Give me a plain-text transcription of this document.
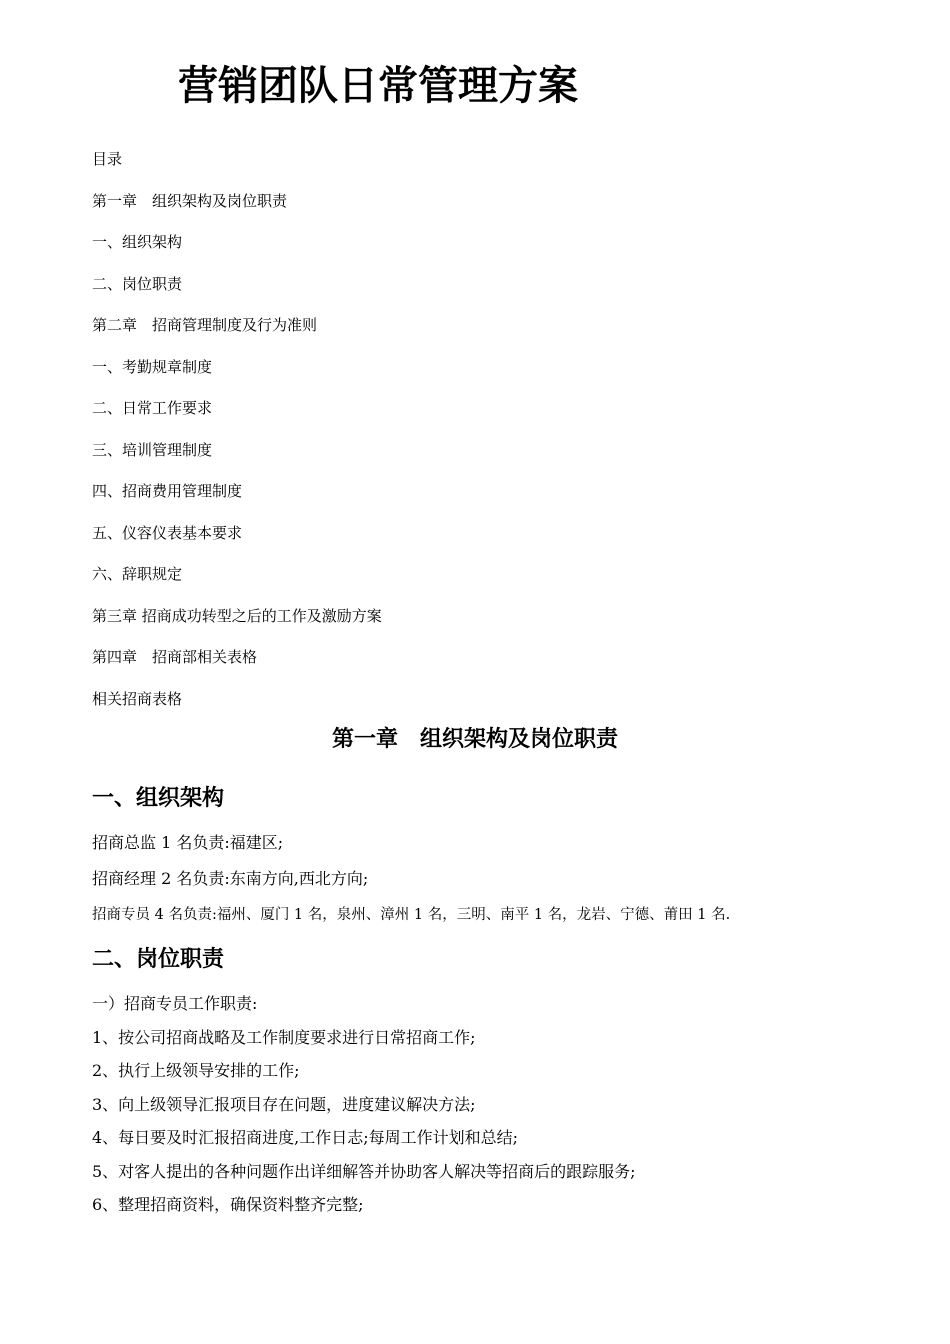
营销团队日常管理方案
目录
第一章　组织架构及岗位职责
一、组织架构
二、岗位职责
第二章　招商管理制度及行为准则
一、考勤规章制度
二、日常工作要求
三、培训管理制度
四、招商费用管理制度
五、仪容仪表基本要求
六、辞职规定
第三章 招商成功转型之后的工作及激励方案
第四章　招商部相关表格
相关招商表格
第一章　组织架构及岗位职责
一、组织架构
招商总监 1 名负责:福建区;
招商经理 2 名负责:东南方向,西北方向;
招商专员 4 名负责:福州、厦门 1 名，泉州、漳州 1 名，三明、南平 1 名，龙岩、宁德、莆田 1 名.
二、岗位职责
一）招商专员工作职责:
1、按公司招商战略及工作制度要求进行日常招商工作;
2、执行上级领导安排的工作;
3、向上级领导汇报项目存在问题，进度建议解决方法;
4、每日要及时汇报招商进度,工作日志;每周工作计划和总结;
5、对客人提出的各种问题作出详细解答并协助客人解决等招商后的跟踪服务;
6、整理招商资料，确保资料整齐完整;
